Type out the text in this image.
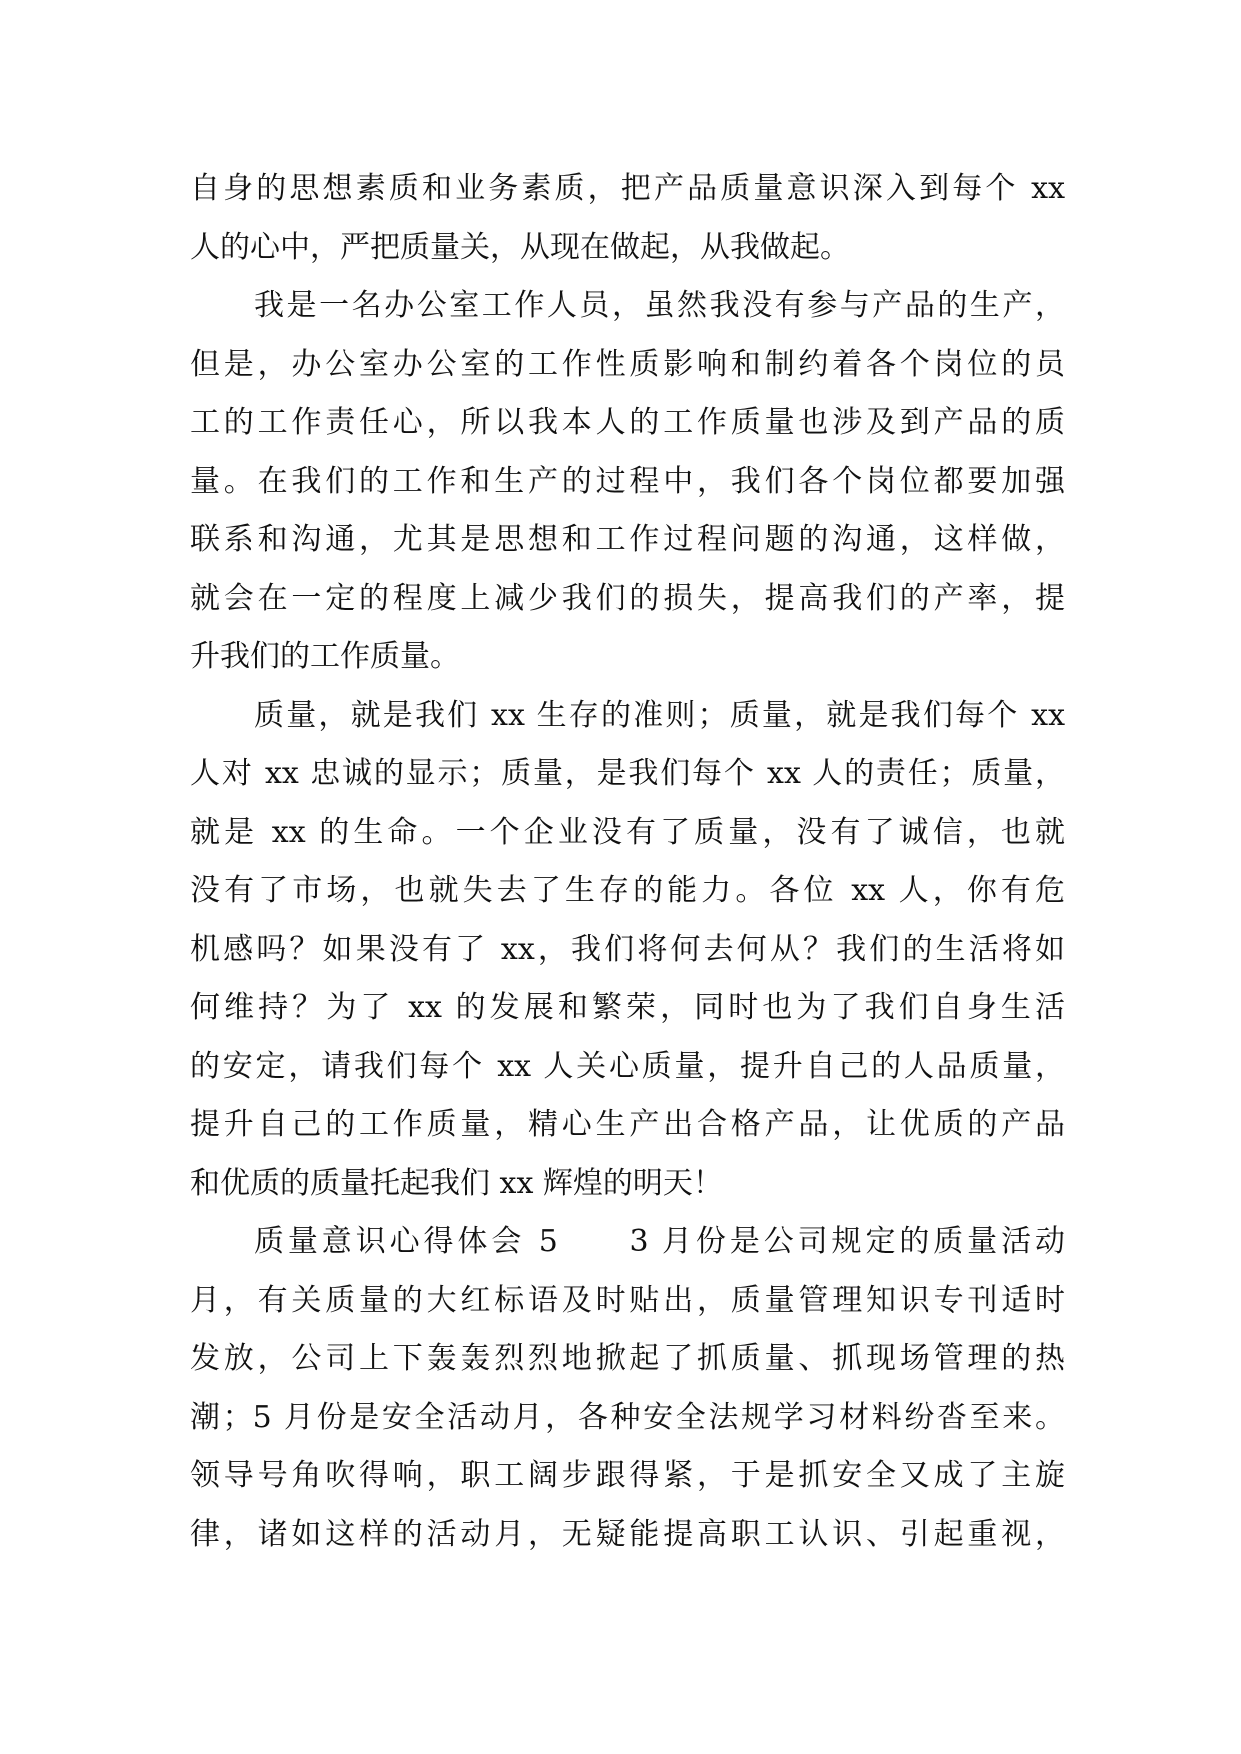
自身的思想素质和业务素质，把产品质量意识深入到每个 xx
人的心中，严把质量关，从现在做起，从我做起。
我是一名办公室工作人员，虽然我没有参与产品的生产，
但是，办公室办公室的工作性质影响和制约着各个岗位的员
工的工作责任心，所以我本人的工作质量也涉及到产品的质
量。在我们的工作和生产的过程中，我们各个岗位都要加强
联系和沟通，尤其是思想和工作过程问题的沟通，这样做，
就会在一定的程度上减少我们的损失，提高我们的产率，提
升我们的工作质量。
质量，就是我们 xx 生存的准则；质量，就是我们每个 xx
人对 xx 忠诚的显示；质量，是我们每个 xx 人的责任；质量，
就是 xx 的生命。一个企业没有了质量，没有了诚信，也就
没有了市场，也就失去了生存的能力。各位 xx 人，你有危
机感吗？如果没有了 xx，我们将何去何从？我们的生活将如
何维持？为了 xx 的发展和繁荣，同时也为了我们自身生活
的安定，请我们每个 xx 人关心质量，提升自己的人品质量，
提升自己的工作质量，精心生产出合格产品，让优质的产品
和优质的质量托起我们 xx 辉煌的明天！
质量意识心得体会 5　　3 月份是公司规定的质量活动
月，有关质量的大红标语及时贴出，质量管理知识专刊适时
发放，公司上下轰轰烈烈地掀起了抓质量、抓现场管理的热
潮；5 月份是安全活动月，各种安全法规学习材料纷沓至来。
领导号角吹得响，职工阔步跟得紧，于是抓安全又成了主旋
律，诸如这样的活动月，无疑能提高职工认识、引起重视，
